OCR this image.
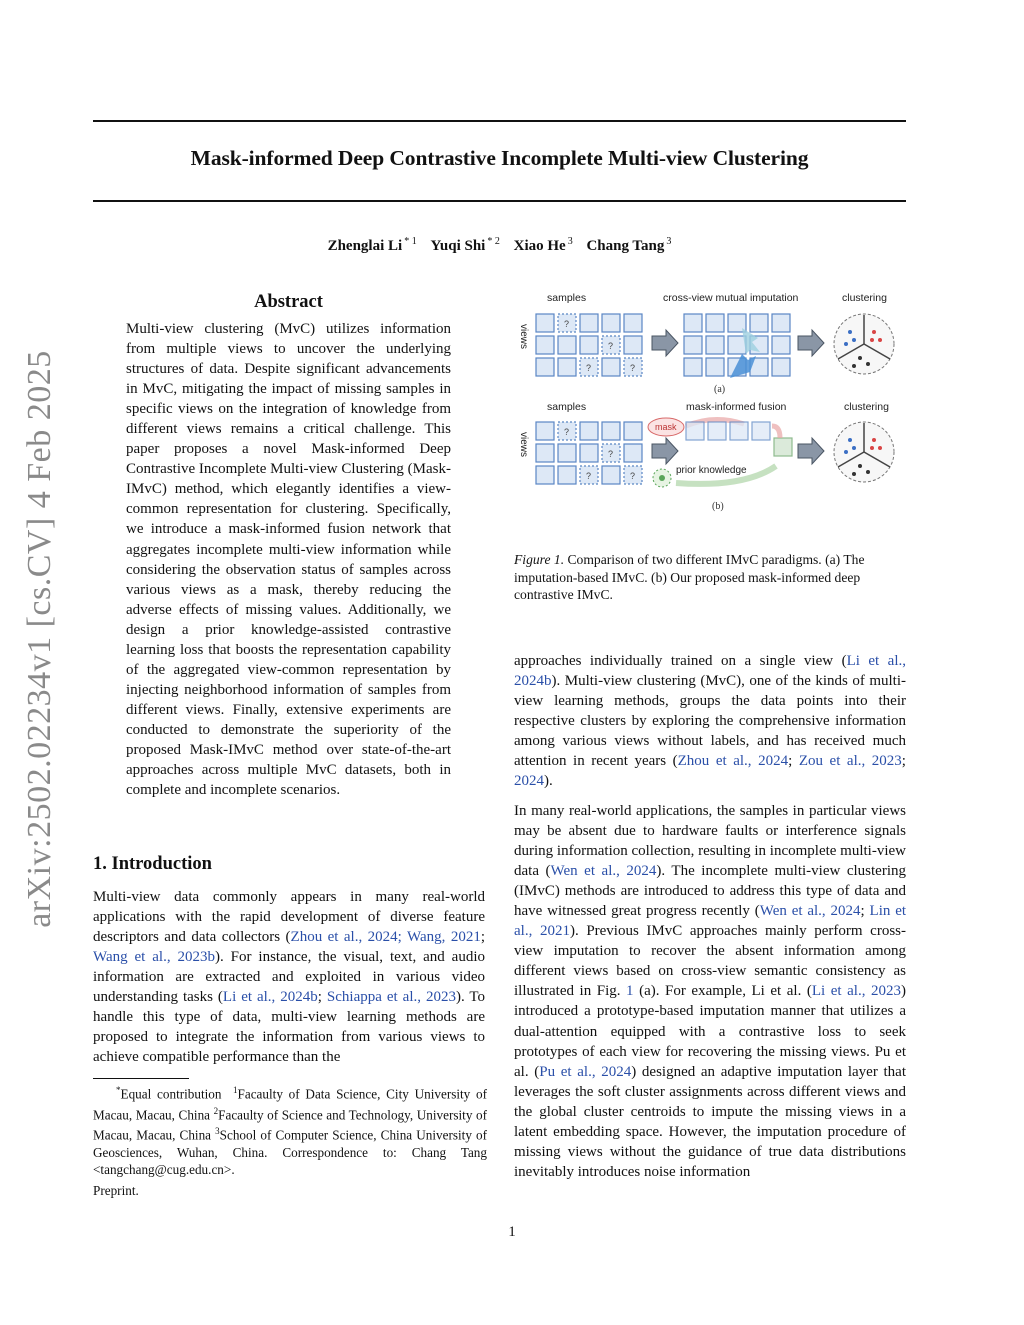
arXiv:2502.02234v1 [cs.CV] 4 Feb 2025
Mask-informed Deep Contrastive Incomplete Multi-view Clustering
Zhenglai Li $^{* 1}$ Yuqi Shi $^{* 2}$ Xiao He $^3$ Chang Tang $^3$
Abstract
Multi-view clustering (MvC) utilizes information from multiple views to uncover the underlying structures of data. Despite significant advancements in MvC, mitigating the impact of missing samples in specific views on the integration of knowledge from different views remains a critical challenge. This paper proposes a novel Mask-informed Deep Contrastive Incomplete Multi-view Clustering (Mask-IMvC) method, which elegantly identifies a view-common representation for clustering. Specifically, we introduce a mask-informed fusion network that aggregates incomplete multi-view information while considering the observation status of samples across various views as a mask, thereby reducing the adverse effects of missing values. Additionally, we design a prior knowledge-assisted contrastive learning loss that boosts the representation capability of the aggregated view-common representation by injecting neighborhood information of samples from different views. Finally, extensive experiments are conducted to demonstrate the superiority of the proposed Mask-IMvC method over state-of-the-art approaches across multiple MvC datasets, both in complete and incomplete scenarios.
1. Introduction
Multi-view data commonly appears in many real-world applications with the rapid development of diverse feature descriptors and data collectors (Zhou et al., 2024; Wang, 2021; Wang et al., 2023b). For instance, the visual, text, and audio information are extracted and exploited in various video understanding tasks (Li et al., 2024b; Schiappa et al., 2023). To handle this type of data, multi-view learning methods are proposed to integrate the information from various views to achieve compatible performance than the
*Equal contribution $^1$Facaulty of Data Science, City University of Macau, Macau, China $^2$Facaulty of Science and Technology, University of Macau, Macau, China $^3$School of Computer Science, China University of Geosciences, Wuhan, China. Correspondence to: Chang Tang <tangchang@cug.edu.cn>.
Preprint.
1
samples	cross-view mutual imputation	clustering
views	?
?
?	?
(a)
samples	mask-informed fusion	clustering
views	?
?
?	?
mask
prior knowledge
(b)
Figure 1. Comparison of two different IMvC paradigms. (a) The imputation-based IMvC. (b) Our proposed mask-informed deep contrastive IMvC.
approaches individually trained on a single view (Li et al., 2024b). Multi-view clustering (MvC), one of the kinds of multi-view learning methods, groups the data points into their respective clusters by exploring the comprehensive information among various views without labels, and has received much attention in recent years (Zhou et al., 2024; Zou et al., 2023; 2024).
In many real-world applications, the samples in particular views may be absent due to hardware faults or interference signals during information collection, resulting in incomplete multi-view data (Wen et al., 2024). The incomplete multi-view clustering (IMvC) methods are introduced to address this type of data and have witnessed great progress recently (Wen et al., 2024; Lin et al., 2021). Previous IMvC approaches mainly perform cross-view imputation to recover the absent information among different views based on cross-view semantic consistency as illustrated in Fig. 1 (a). For example, Li et al. (Li et al., 2023) introduced a prototype-based imputation manner that utilizes a dual-attention equipped with a contrastive loss to seek prototypes of each view for recovering the missing views. Pu et al. (Pu et al., 2024) designed an adaptive imputation layer that leverages the soft cluster assignments across different views and the global cluster centroids to impute the missing views in a latent embedding space. However, the imputation procedure of missing views without the guidance of true data distributions inevitably introduces noise information
